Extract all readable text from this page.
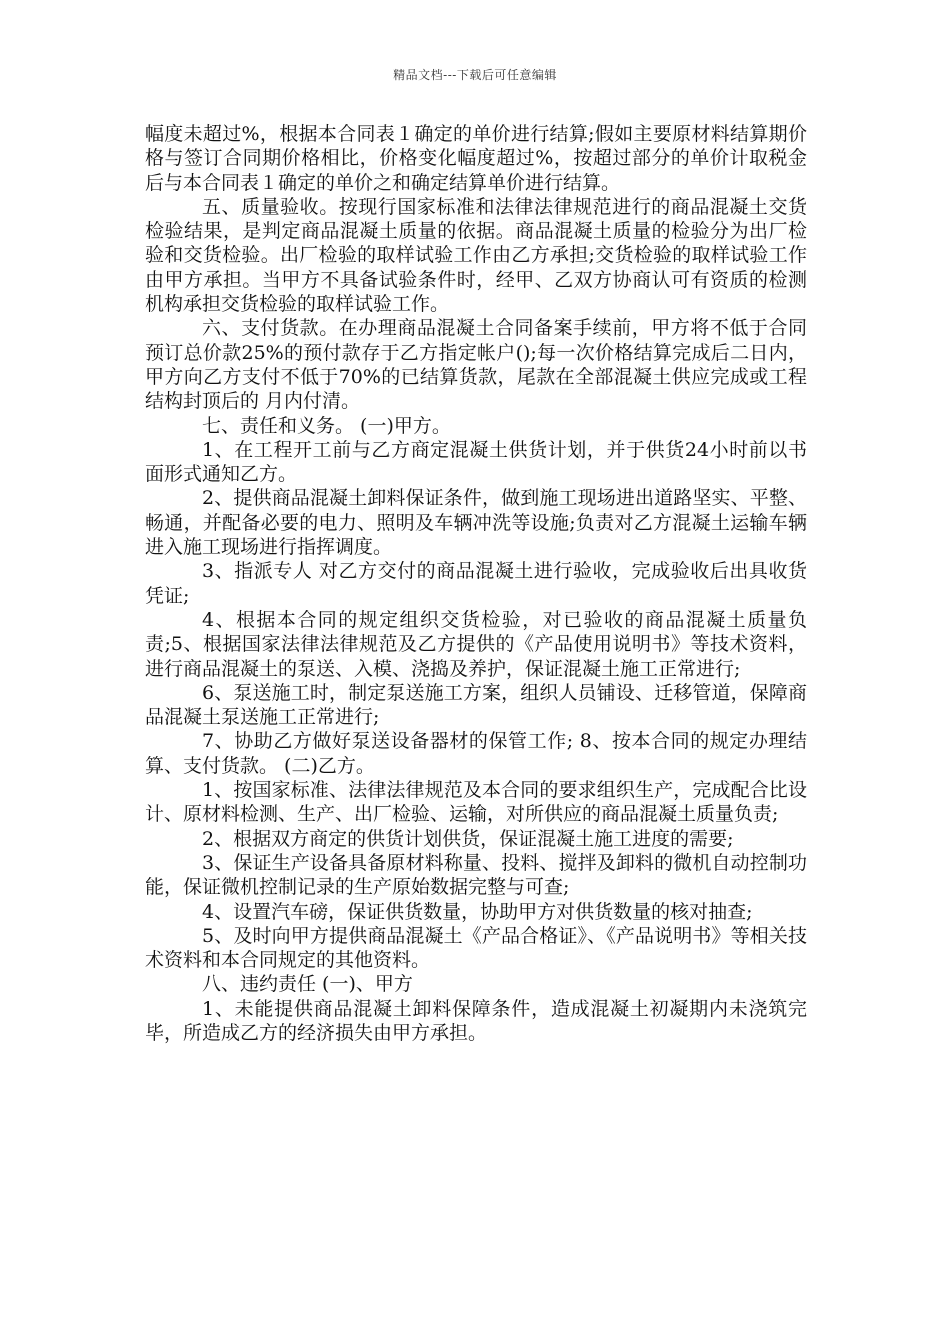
精品文档---下载后可任意编辑

幅度未超过%，根据本合同表１确定的单价进行结算;假如主要原材料结算期价格与签订合同期价格相比，价格变化幅度超过%，按超过部分的单价计取税金后与本合同表１确定的单价之和确定结算单价进行结算。

五、质量验收。按现行国家标准和法律法律规范进行的商品混凝土交货检验结果，是判定商品混凝土质量的依据。商品混凝土质量的检验分为出厂检验和交货检验。出厂检验的取样试验工作由乙方承担;交货检验的取样试验工作由甲方承担。当甲方不具备试验条件时，经甲、乙双方协商认可有资质的检测机构承担交货检验的取样试验工作。

六、支付货款。在办理商品混凝土合同备案手续前，甲方将不低于合同预订总价款25%的预付款存于乙方指定帐户();每一次价格结算完成后二日内，甲方向乙方支付不低于70%的已结算货款，尾款在全部混凝土供应完成或工程结构封顶后的 月内付清。

七、责任和义务。 (一)甲方。

1、在工程开工前与乙方商定混凝土供货计划，并于供货24小时前以书面形式通知乙方。

2、提供商品混凝土卸料保证条件，做到施工现场进出道路坚实、平整、畅通，并配备必要的电力、照明及车辆冲洗等设施;负责对乙方混凝土运输车辆进入施工现场进行指挥调度。

3、指派专人 对乙方交付的商品混凝土进行验收，完成验收后出具收货凭证;

4、根据本合同的规定组织交货检验，对已验收的商品混凝土质量负责;5、根据国家法律法律规范及乙方提供的《产品使用说明书》等技术资料，进行商品混凝土的泵送、入模、浇捣及养护，保证混凝土施工正常进行;

6、泵送施工时，制定泵送施工方案，组织人员铺设、迁移管道，保障商品混凝土泵送施工正常进行;

7、协助乙方做好泵送设备器材的保管工作; 8、按本合同的规定办理结算、支付货款。 (二)乙方。

1、按国家标准、法律法律规范及本合同的要求组织生产，完成配合比设计、原材料检测、生产、出厂检验、运输，对所供应的商品混凝土质量负责;

2、根据双方商定的供货计划供货，保证混凝土施工进度的需要;

3、保证生产设备具备原材料称量、投料、搅拌及卸料的微机自动控制功能，保证微机控制记录的生产原始数据完整与可查;

4、设置汽车磅，保证供货数量，协助甲方对供货数量的核对抽查;

5、及时向甲方提供商品混凝土《产品合格证》、《产品说明书》等相关技术资料和本合同规定的其他资料。

八、违约责任 (一)、甲方

1、未能提供商品混凝土卸料保障条件，造成混凝土初凝期内未浇筑完毕，所造成乙方的经济损失由甲方承担。
